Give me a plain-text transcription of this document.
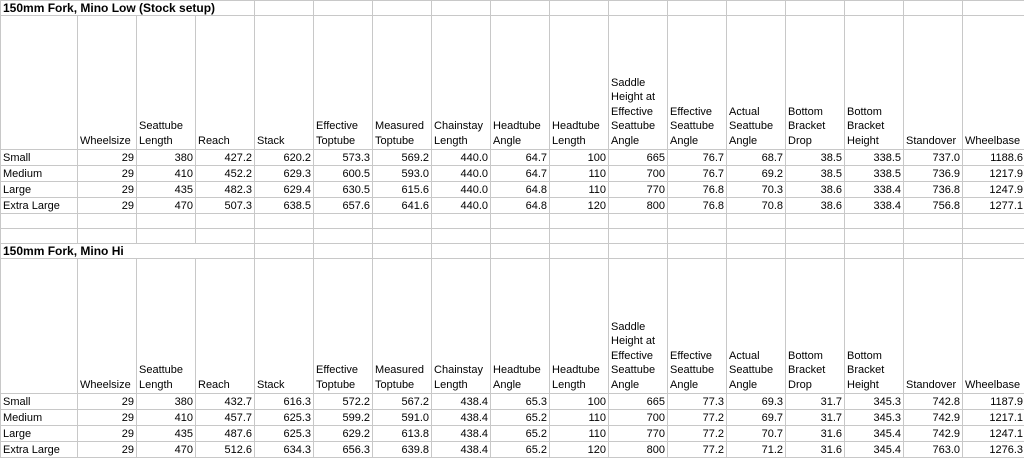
150mm Fork, Mino Low (Stock setup)																
	Wheelsize	Seattube Length	Reach	Stack	Effective Toptube	Measured Toptube	Chainstay Length	Headtube Angle	Headtube Length	Saddle Height at Effective Seattube Angle	Effective Seattube Angle	Actual Seattube Angle	Bottom Bracket Drop	Bottom Bracket Height	Standover	Wheelbase
Small	29	380	427.2	620.2	573.3	569.2	440.0	64.7	100	665	76.7	68.7	38.5	338.5	737.0	1188.6
Medium	29	410	452.2	629.3	600.5	593.0	440.0	64.7	110	700	76.7	69.2	38.5	338.5	736.9	1217.9
Large	29	435	482.3	629.4	630.5	615.6	440.0	64.8	110	770	76.8	70.3	38.6	338.4	736.8	1247.9
Extra Large	29	470	507.3	638.5	657.6	641.6	440.0	64.8	120	800	76.8	70.8	38.6	338.4	756.8	1277.1

150mm Fork, Mino Hi																
	Wheelsize	Seattube Length	Reach	Stack	Effective Toptube	Measured Toptube	Chainstay Length	Headtube Angle	Headtube Length	Saddle Height at Effective Seattube Angle	Effective Seattube Angle	Actual Seattube Angle	Bottom Bracket Drop	Bottom Bracket Height	Standover	Wheelbase
Small	29	380	432.7	616.3	572.2	567.2	438.4	65.3	100	665	77.3	69.3	31.7	345.3	742.8	1187.9
Medium	29	410	457.7	625.3	599.2	591.0	438.4	65.2	110	700	77.2	69.7	31.7	345.3	742.9	1217.1
Large	29	435	487.6	625.3	629.2	613.8	438.4	65.2	110	770	77.2	70.7	31.6	345.4	742.9	1247.1
Extra Large	29	470	512.6	634.3	656.3	639.8	438.4	65.2	120	800	77.2	71.2	31.6	345.4	763.0	1276.3
